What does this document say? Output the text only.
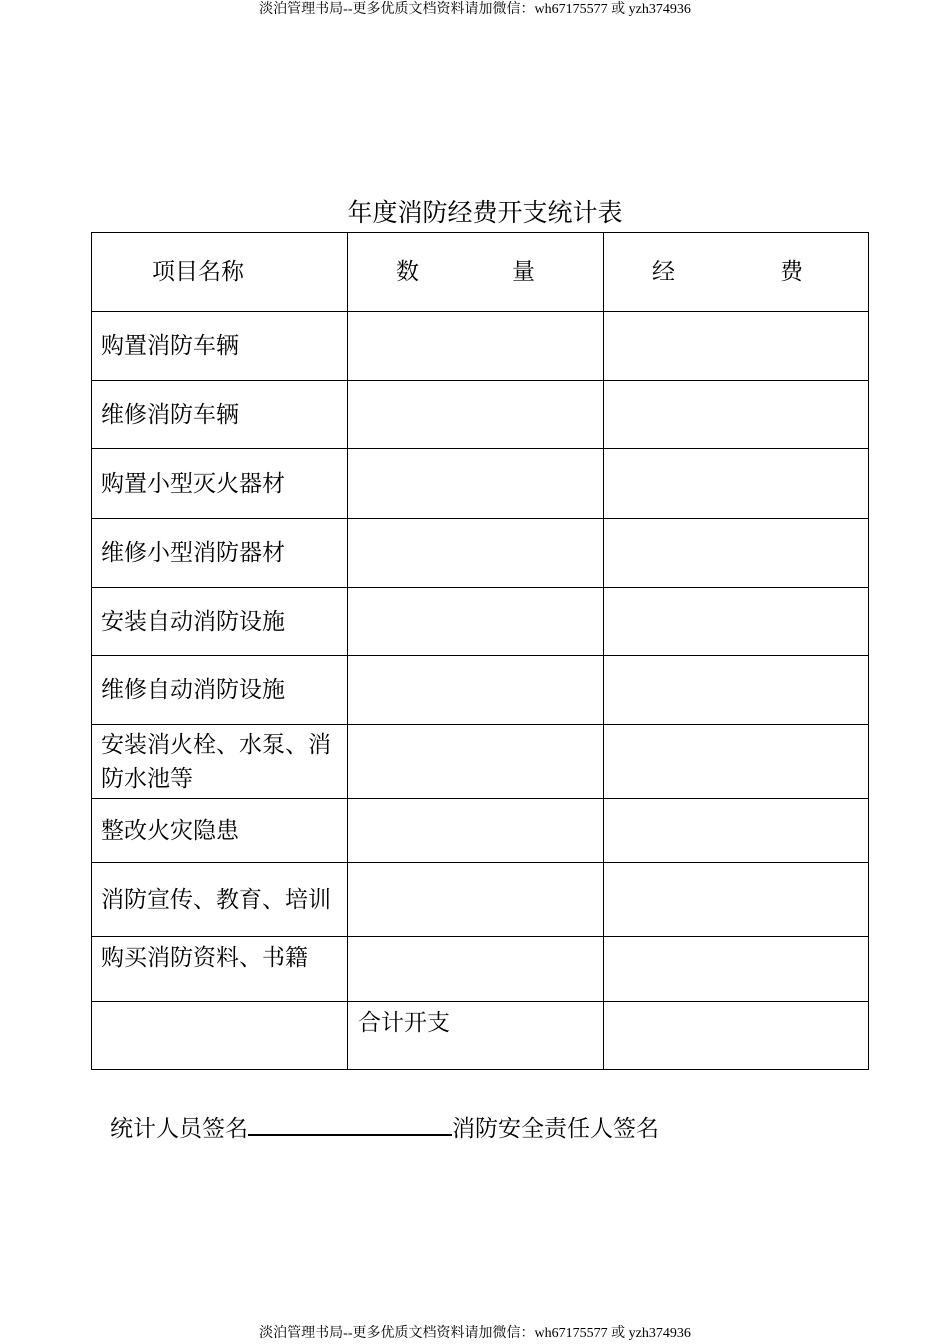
淡泊管理书局--更多优质文档资料请加微信：wh67175577 或 yzh374936
年度消防经费开支统计表
项目名称	数 量	经 费

购置消防车辆		
维修消防车辆		
购置小型灭火器材		
维修小型消防器材		
安装自动消防设施		
维修自动消防设施		
安装消火栓、水泵、消防水池等		
整改火灾隐患		
消防宣传、教育、培训		
购买消防资料、书籍		
	合计开支	
统计人员签名	消防安全责任人签名
淡泊管理书局--更多优质文档资料请加微信：wh67175577 或 yzh374936
